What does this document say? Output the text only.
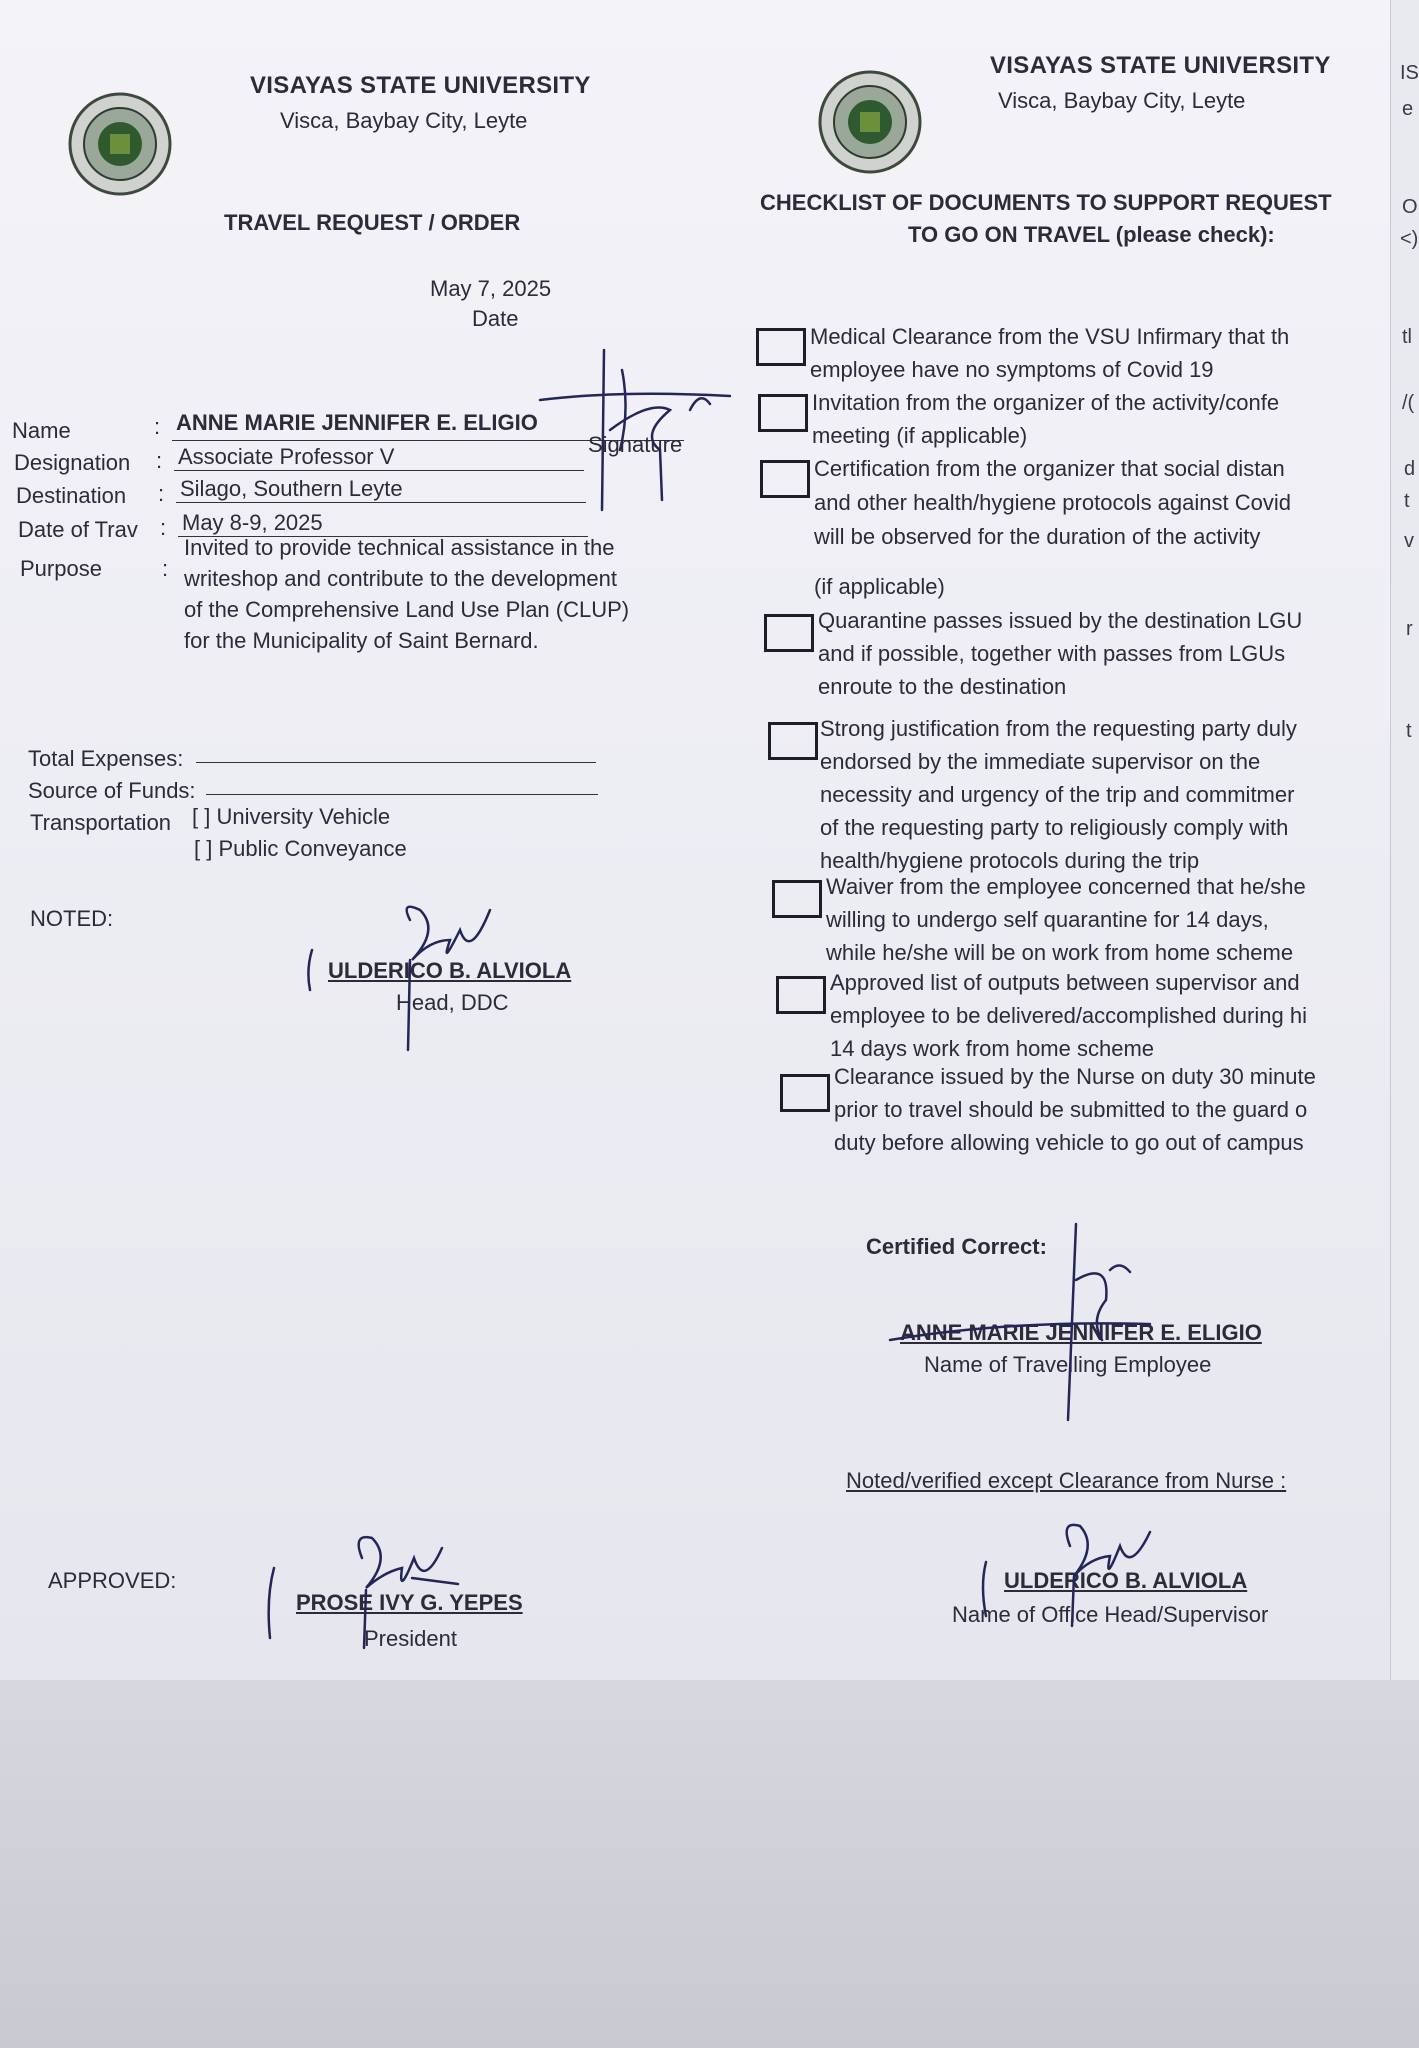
VISAYAS STATE UNIVERSITY
Visca, Baybay City, Leyte
TRAVEL REQUEST / ORDER
May 7, 2025
Date
Name	: ANNE MARIE JENNIFER E. ELIGIO
Signature
Designation : Associate Professor V
Destination : Silago, Southern Leyte
Date of Trav : May 8-9, 2025
Purpose	:
Invited to provide technical assistance in the
writeshop and contribute to the development
of the Comprehensive Land Use Plan (CLUP)
for the Municipality of Saint Bernard.
Total Expenses:
Source of Funds:
Transportation [ ] University Vehicle
[ ] Public Conveyance
NOTED:
ULDERICO B. ALVIOLA
Head, DDC
APPROVED:
PROSE IVY G. YEPES
President
VISAYAS STATE UNIVERSITY
Visca, Baybay City, Leyte
CHECKLIST OF DOCUMENTS TO SUPPORT REQUEST
TO GO ON TRAVEL (please check):
Medical Clearance from the VSU Infirmary that th
employee have no symptoms of Covid 19
Invitation from the organizer of the activity/confe
meeting (if applicable)
Certification from the organizer that social distan
and other health/hygiene protocols against Covid
will be observed for the duration of the activity
(if applicable)
Quarantine passes issued by the destination LGU
and if possible, together with passes from LGUs
enroute to the destination
Strong justification from the requesting party duly
endorsed by the immediate supervisor on the
necessity and urgency of the trip and commitmer
of the requesting party to religiously comply with
health/hygiene protocols during the trip
Waiver from the employee concerned that he/she
willing to undergo self quarantine for 14 days,
while he/she will be on work from home scheme
Approved list of outputs between supervisor and
employee to be delivered/accomplished during hi
14 days work from home scheme
Clearance issued by the Nurse on duty 30 minute
prior to travel should be submitted to the guard o
duty before allowing vehicle to go out of campus
Certified Correct:
ANNE MARIE JENNIFER E. ELIGIO
Name of Travelling Employee
Noted/verified except Clearance from Nurse :
ULDERICO B. ALVIOLA
Name of Office Head/Supervisor
IS
e
O
<)
tl
/(
d
t
v
r
t
